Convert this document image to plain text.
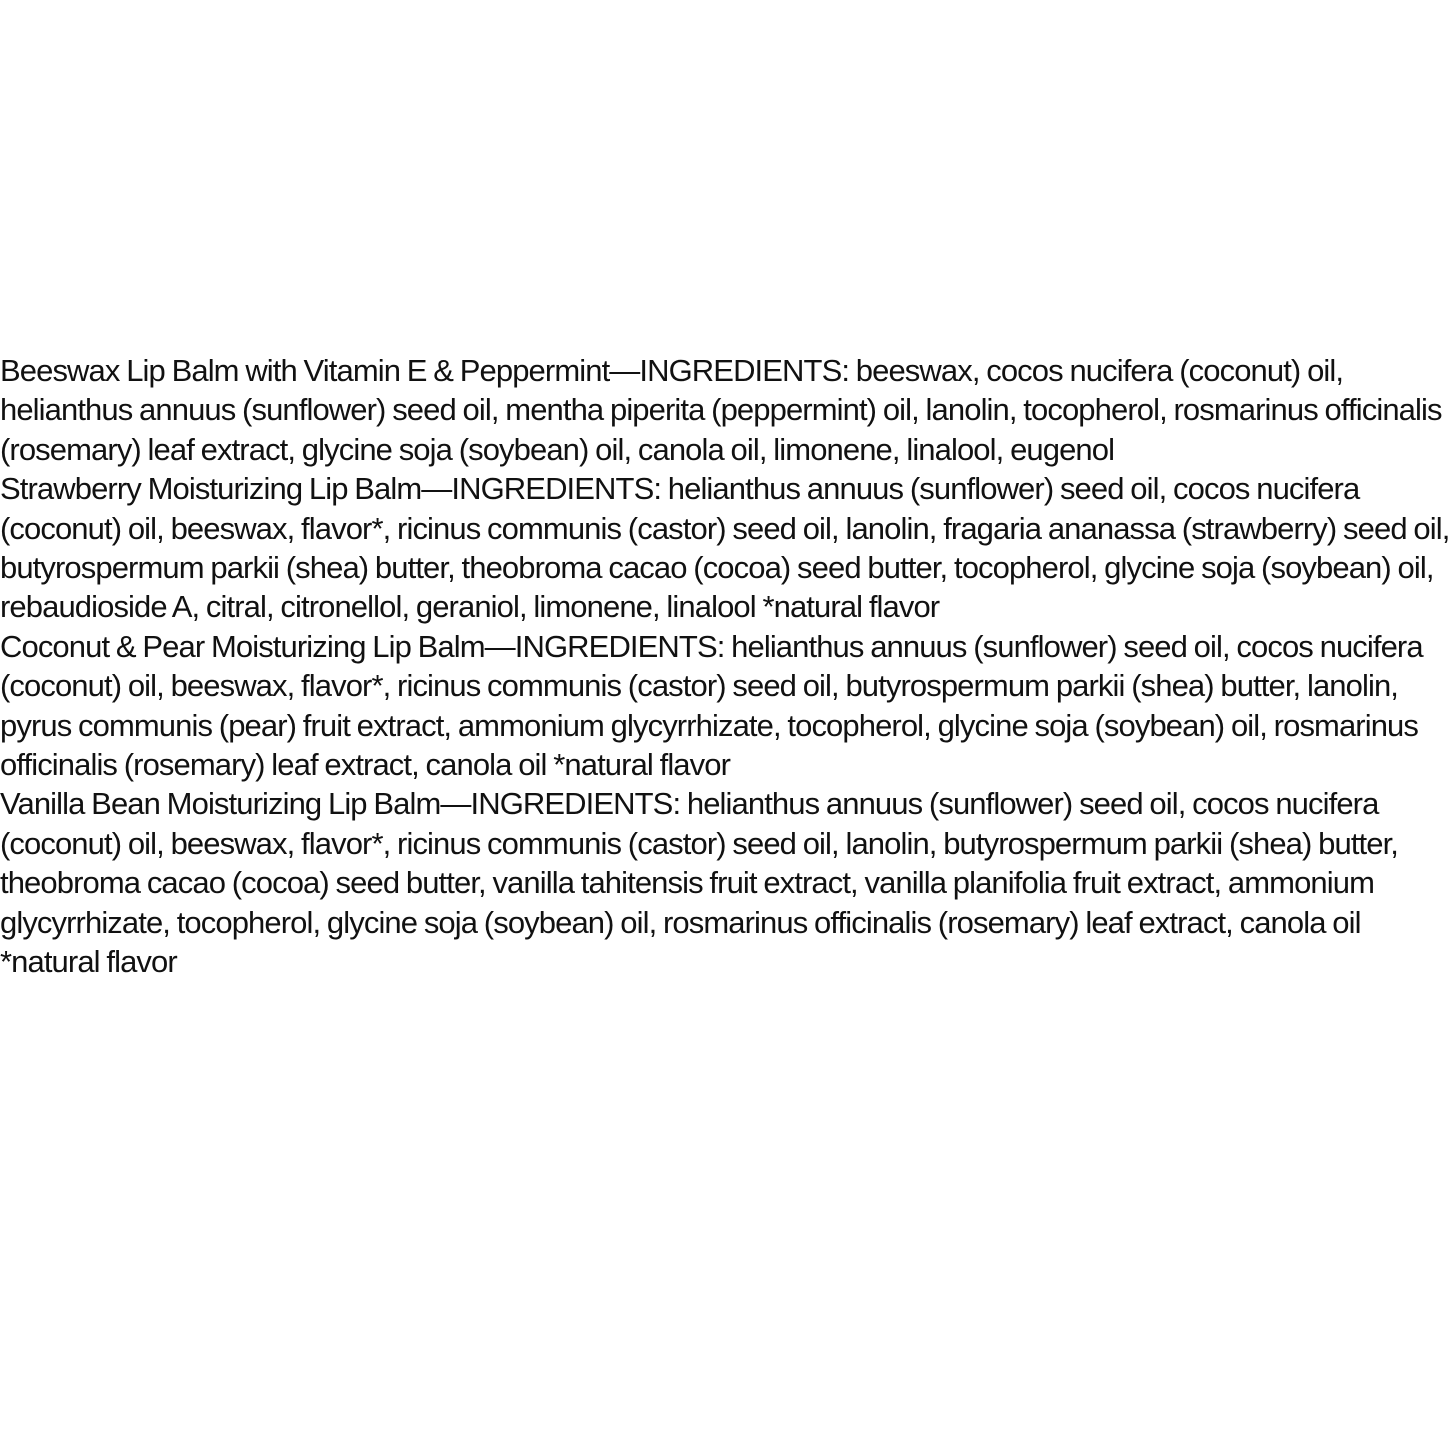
Beeswax Lip Balm with Vitamin E & Peppermint—INGREDIENTS: beeswax, cocos nucifera (coconut) oil, helianthus annuus (sunflower) seed oil, mentha piperita (peppermint) oil, lanolin, tocopherol, rosmarinus officinalis (rosemary) leaf extract, glycine soja (soybean) oil, canola oil, limonene, linalool, eugenol

Strawberry Moisturizing Lip Balm—INGREDIENTS: helianthus annuus (sunflower) seed oil, cocos nucifera (coconut) oil, beeswax, flavor*, ricinus communis (castor) seed oil, lanolin, fragaria ananassa (strawberry) seed oil, butyrospermum parkii (shea) butter, theobroma cacao (cocoa) seed butter, tocopherol, glycine soja (soybean) oil, rebaudioside A, citral, citronellol, geraniol, limonene, linalool *natural flavor

Coconut & Pear Moisturizing Lip Balm—INGREDIENTS: helianthus annuus (sunflower) seed oil, cocos nucifera (coconut) oil, beeswax, flavor*, ricinus communis (castor) seed oil, butyrospermum parkii (shea) butter, lanolin, pyrus communis (pear) fruit extract, ammonium glycyrrhizate, tocopherol, glycine soja (soybean) oil, rosmarinus officinalis (rosemary) leaf extract, canola oil *natural flavor

Vanilla Bean Moisturizing Lip Balm—INGREDIENTS: helianthus annuus (sunflower) seed oil, cocos nucifera (coconut) oil, beeswax, flavor*, ricinus communis (castor) seed oil, lanolin, butyrospermum parkii (shea) butter, theobroma cacao (cocoa) seed butter, vanilla tahitensis fruit extract, vanilla planifolia fruit extract, ammonium glycyrrhizate, tocopherol, glycine soja (soybean) oil, rosmarinus officinalis (rosemary) leaf extract, canola oil *natural flavor
